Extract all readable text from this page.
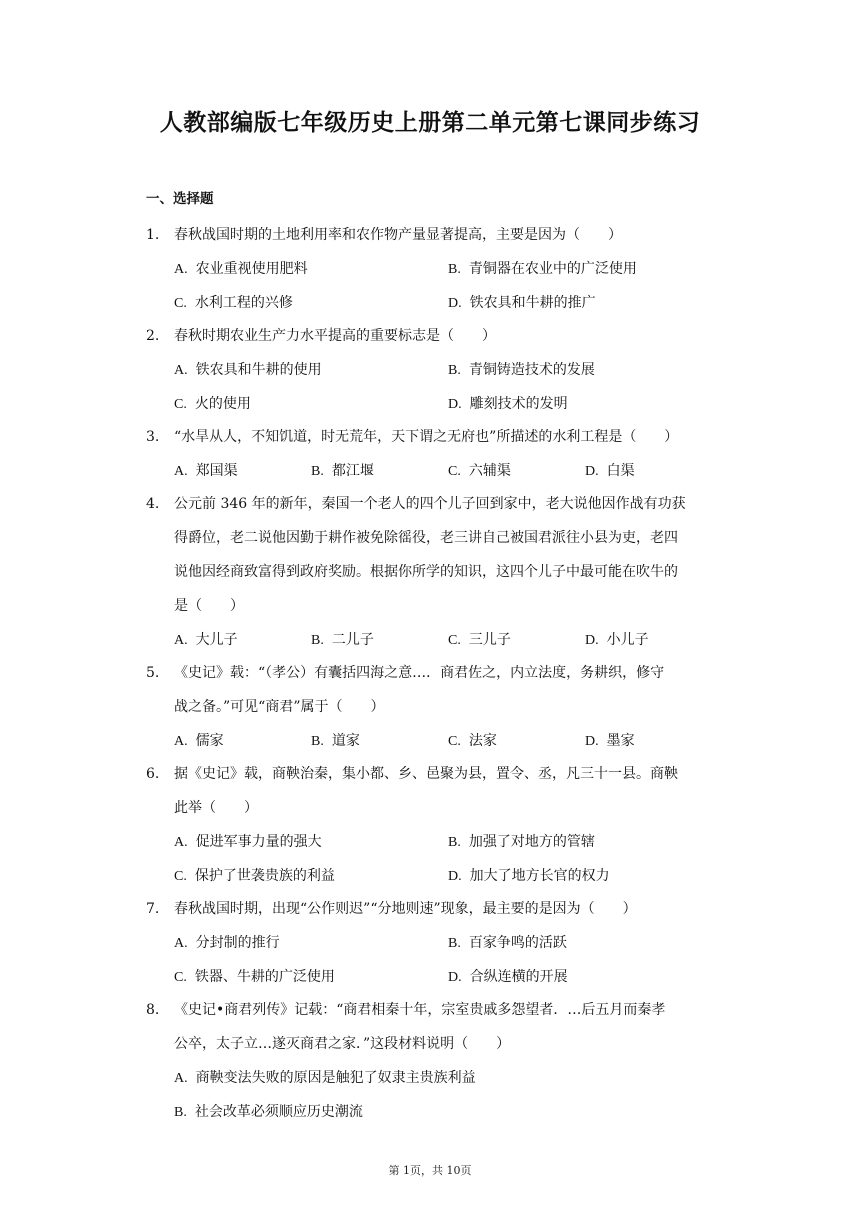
人教部编版七年级历史上册第二单元第七课同步练习
一、选择题
1. 春秋战国时期的土地利用率和农作物产量显著提高，主要是因为（　　）
A. 农业重视使用肥料	B. 青铜器在农业中的广泛使用
C. 水利工程的兴修	D. 铁农具和牛耕的推广
2. 春秋时期农业生产力水平提高的重要标志是（　　）
A. 铁农具和牛耕的使用	B. 青铜铸造技术的发展
C. 火的使用	D. 雕刻技术的发明
3. “水旱从人，不知饥道，时无荒年，天下谓之无府也”所描述的水利工程是（　　）
A. 郑国渠	B. 都江堰	C. 六辅渠	D. 白渠
4. 公元前 346 年的新年，秦国一个老人的四个儿子回到家中，老大说他因作战有功获
得爵位，老二说他因勤于耕作被免除徭役，老三讲自己被国君派往小县为吏，老四
说他因经商致富得到政府奖励。根据你所学的知识，这四个儿子中最可能在吹牛的
是（　　）
A. 大儿子	B. 二儿子	C. 三儿子	D. 小儿子
5. 《史记》载：“（孝公）有囊括四海之意…．商君佐之，内立法度，务耕织，修守
战之备。”可见“商君”属于（　　）
A. 儒家	B. 道家	C. 法家	D. 墨家
6. 据《史记》载，商鞅治秦，集小都、乡、邑聚为县，置令、丞，凡三十一县。商鞅
此举（　　）
A. 促进军事力量的强大	B. 加强了对地方的管辖
C. 保护了世袭贵族的利益	D. 加大了地方长官的权力
7. 春秋战国时期，出现“公作则迟”“分地则速”现象，最主要的是因为（　　）
A. 分封制的推行	B. 百家争鸣的活跃
C. 铁器、牛耕的广泛使用	D. 合纵连横的开展
8. 《史记•商君列传》记载：“商君相秦十年，宗室贵戚多怨望者．…后五月而秦孝
公卒，太子立…遂灭商君之家．”这段材料说明（　　）
A. 商鞅变法失败的原因是触犯了奴隶主贵族利益
B. 社会改革必须顺应历史潮流
第 1页，共 10页
